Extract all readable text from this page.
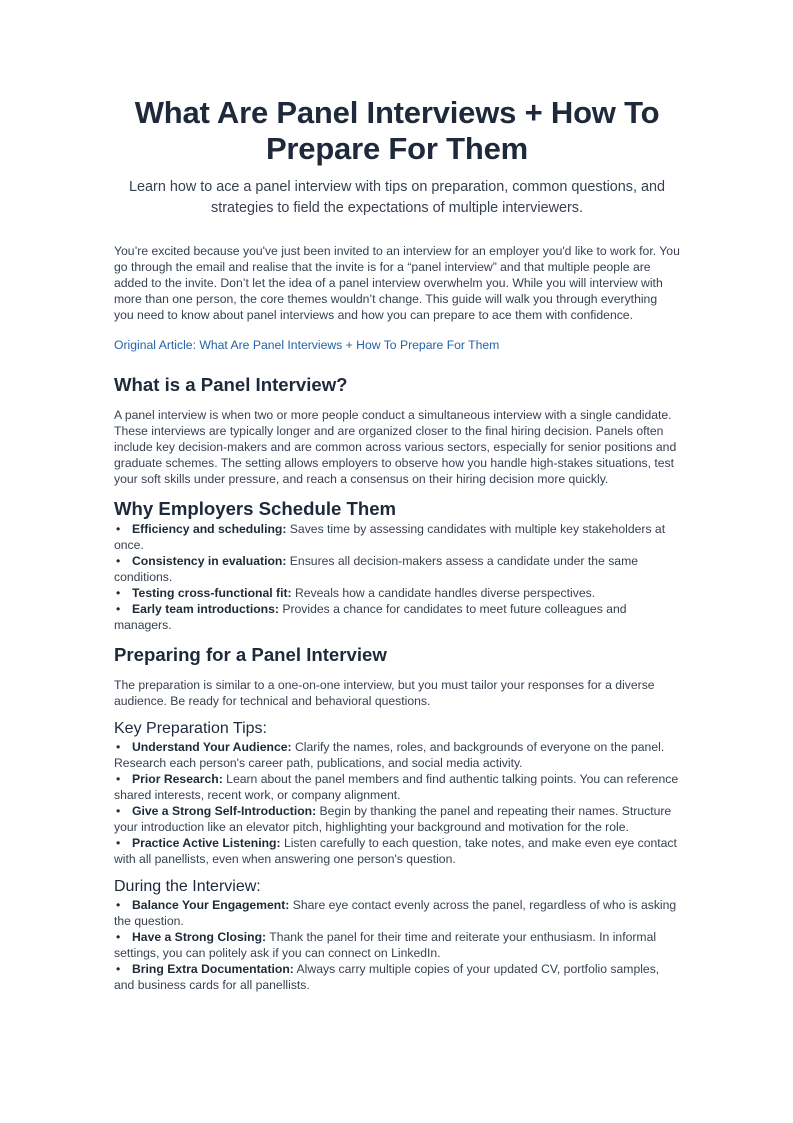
What Are Panel Interviews + How To Prepare For Them

Learn how to ace a panel interview with tips on preparation, common questions, and strategies to field the expectations of multiple interviewers.

You’re excited because you've just been invited to an interview for an employer you'd like to work for. You go through the email and realise that the invite is for a “panel interview” and that multiple people are added to the invite. Don’t let the idea of a panel interview overwhelm you. While you will interview with more than one person, the core themes wouldn’t change. This guide will walk you through everything you need to know about panel interviews and how you can prepare to ace them with confidence.

Original Article: What Are Panel Interviews + How To Prepare For Them
What is a Panel Interview?

A panel interview is when two or more people conduct a simultaneous interview with a single candidate. These interviews are typically longer and are organized closer to the final hiring decision. Panels often include key decision-makers and are common across various sectors, especially for senior positions and graduate schemes. The setting allows employers to observe how you handle high-stakes situations, test your soft skills under pressure, and reach a consensus on their hiring decision more quickly.

Why Employers Schedule Them
•Efficiency and scheduling: Saves time by assessing candidates with multiple key stakeholders at once.
•Consistency in evaluation: Ensures all decision-makers assess a candidate under the same conditions.
•Testing cross-functional fit: Reveals how a candidate handles diverse perspectives.
•Early team introductions: Provides a chance for candidates to meet future colleagues and managers.
Preparing for a Panel Interview

The preparation is similar to a one-on-one interview, but you must tailor your responses for a diverse audience. Be ready for technical and behavioral questions.

Key Preparation Tips:
•Understand Your Audience: Clarify the names, roles, and backgrounds of everyone on the panel. Research each person's career path, publications, and social media activity.
•Prior Research: Learn about the panel members and find authentic talking points. You can reference shared interests, recent work, or company alignment.
•Give a Strong Self-Introduction: Begin by thanking the panel and repeating their names. Structure your introduction like an elevator pitch, highlighting your background and motivation for the role.
•Practice Active Listening: Listen carefully to each question, take notes, and make even eye contact with all panellists, even when answering one person's question.
During the Interview:
•Balance Your Engagement: Share eye contact evenly across the panel, regardless of who is asking the question.
•Have a Strong Closing: Thank the panel for their time and reiterate your enthusiasm. In informal settings, you can politely ask if you can connect on LinkedIn.
•Bring Extra Documentation: Always carry multiple copies of your updated CV, portfolio samples, and business cards for all panellists.
